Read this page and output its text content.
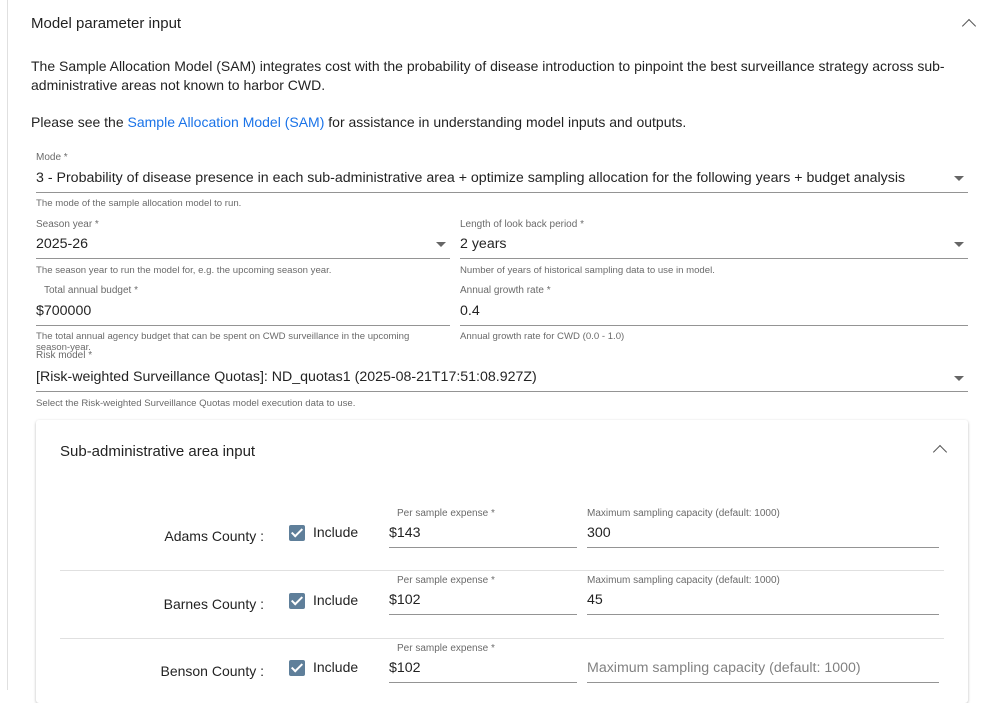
Model parameter input
The Sample Allocation Model (SAM) integrates cost with the probability of disease introduction to pinpoint the best surveillance strategy across sub-administrative areas not known to harbor CWD.
Please see the Sample Allocation Model (SAM) for assistance in understanding model inputs and outputs.
Mode *
3 - Probability of disease presence in each sub-administrative area + optimize sampling allocation for the following years + budget analysis
The mode of the sample allocation model to run.
Season year *
2025-26
The season year to run the model for, e.g. the upcoming season year.
Length of look back period *
2 years
Number of years of historical sampling data to use in model.
Total annual budget *
$700000
The total annual agency budget that can be spent on CWD surveillance in the upcoming season-year.
Annual growth rate *
0.4
Annual growth rate for CWD (0.0 - 1.0)
Risk model *
[Risk-weighted Surveillance Quotas]: ND_quotas1 (2025-08-21T17:51:08.927Z)
Select the Risk-weighted Surveillance Quotas model execution data to use.
Sub-administrative area input
Adams County :	Include
Per sample expense *
$143
Maximum sampling capacity (default: 1000)
300
Barnes County :	Include
Per sample expense *
$102
Maximum sampling capacity (default: 1000)
45
Benson County :	Include
Per sample expense *
$102	Maximum sampling capacity (default: 1000)
